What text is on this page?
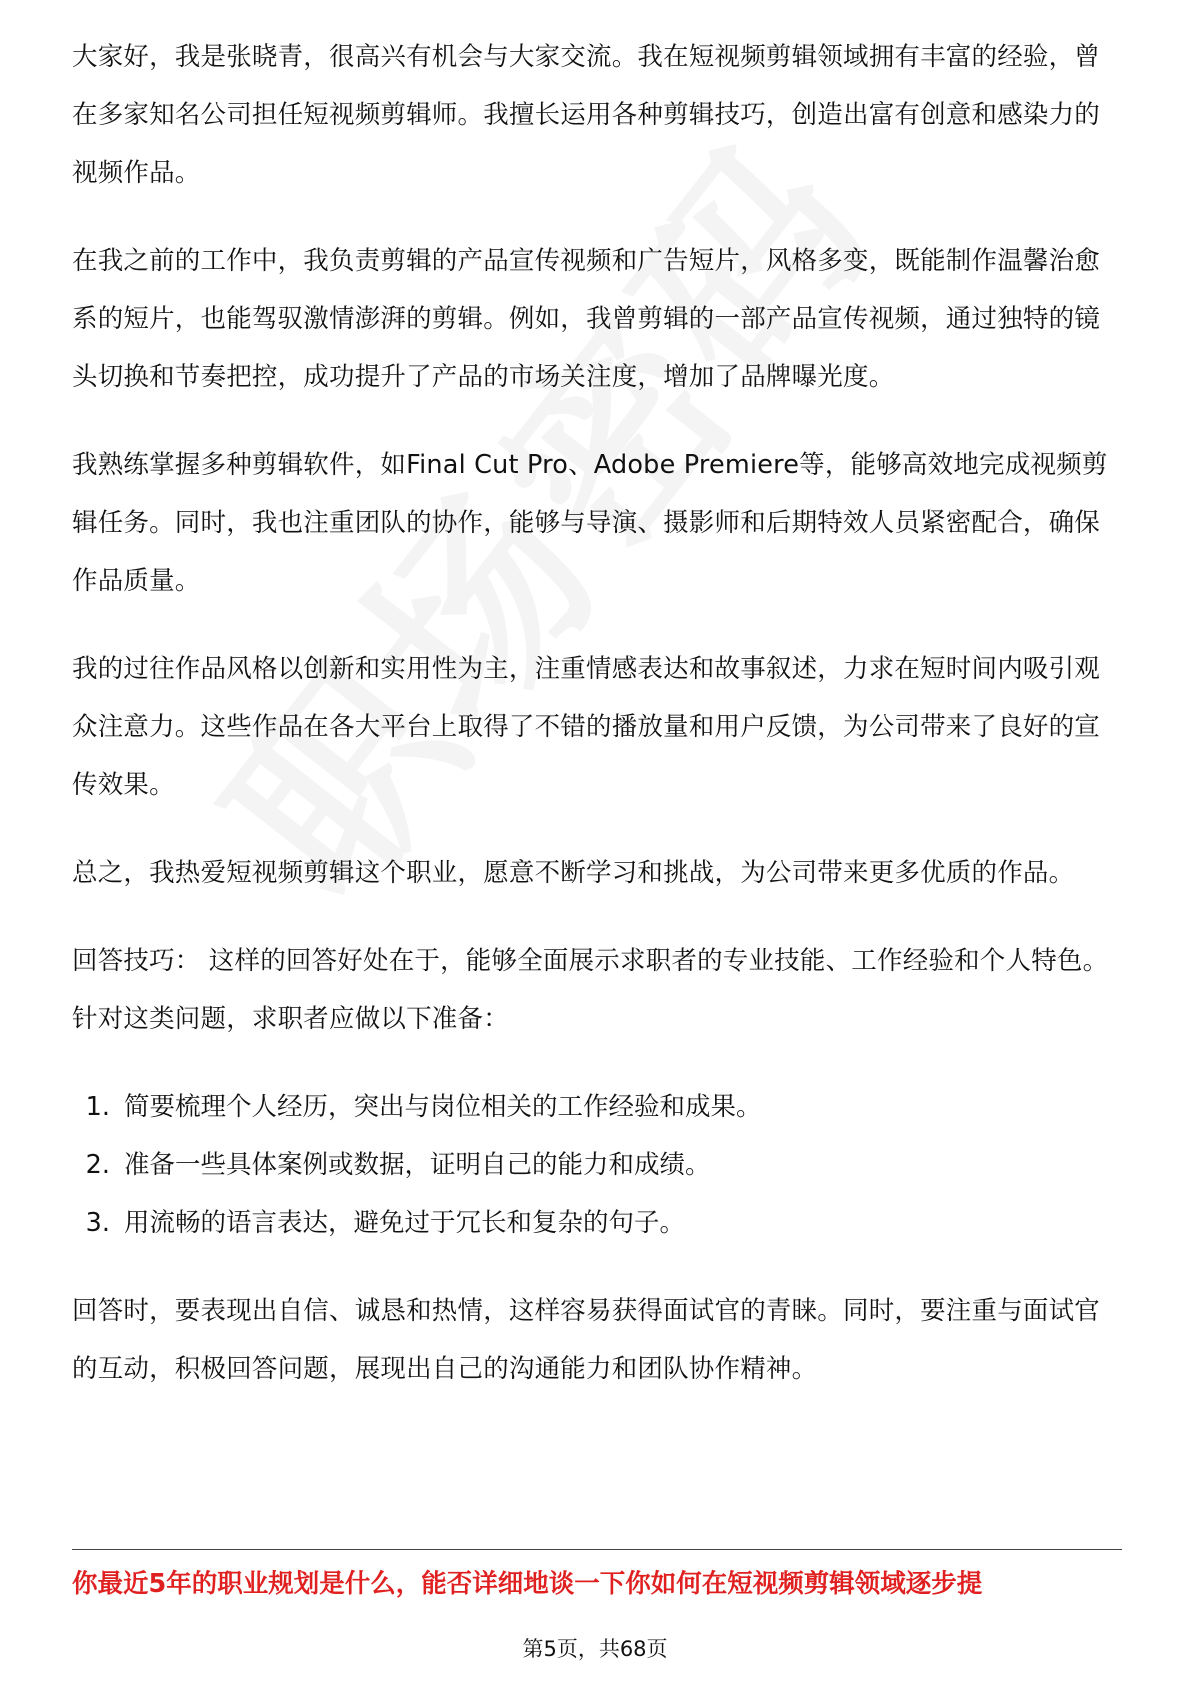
大家好，我是张晓青，很高兴有机会与大家交流。我在短视频剪辑领域拥有丰富的经验，曾在多家知名公司担任短视频剪辑师。我擅长运用各种剪辑技巧，创造出富有创意和感染力的视频作品。

在我之前的工作中，我负责剪辑的产品宣传视频和广告短片，风格多变，既能制作温馨治愈系的短片，也能驾驭激情澎湃的剪辑。例如，我曾剪辑的一部产品宣传视频，通过独特的镜头切换和节奏把控，成功提升了产品的市场关注度，增加了品牌曝光度。

我熟练掌握多种剪辑软件，如Final Cut Pro、Adobe Premiere等，能够高效地完成视频剪辑任务。同时，我也注重团队的协作，能够与导演、摄影师和后期特效人员紧密配合，确保作品质量。

我的过往作品风格以创新和实用性为主，注重情感表达和故事叙述，力求在短时间内吸引观众注意力。这些作品在各大平台上取得了不错的播放量和用户反馈，为公司带来了良好的宣传效果。

总之，我热爱短视频剪辑这个职业，愿意不断学习和挑战，为公司带来更多优质的作品。

回答技巧： 这样的回答好处在于，能够全面展示求职者的专业技能、工作经验和个人特色。针对这类问题，求职者应做以下准备：

1. 简要梳理个人经历，突出与岗位相关的工作经验和成果。
2. 准备一些具体案例或数据，证明自己的能力和成绩。
3. 用流畅的语言表达，避免过于冗长和复杂的句子。

回答时，要表现出自信、诚恳和热情，这样容易获得面试官的青睐。同时，要注重与面试官的互动，积极回答问题，展现出自己的沟通能力和团队协作精神。

你最近5年的职业规划是什么，能否详细地谈一下你如何在短视频剪辑领域逐步提
第5页，共68页
